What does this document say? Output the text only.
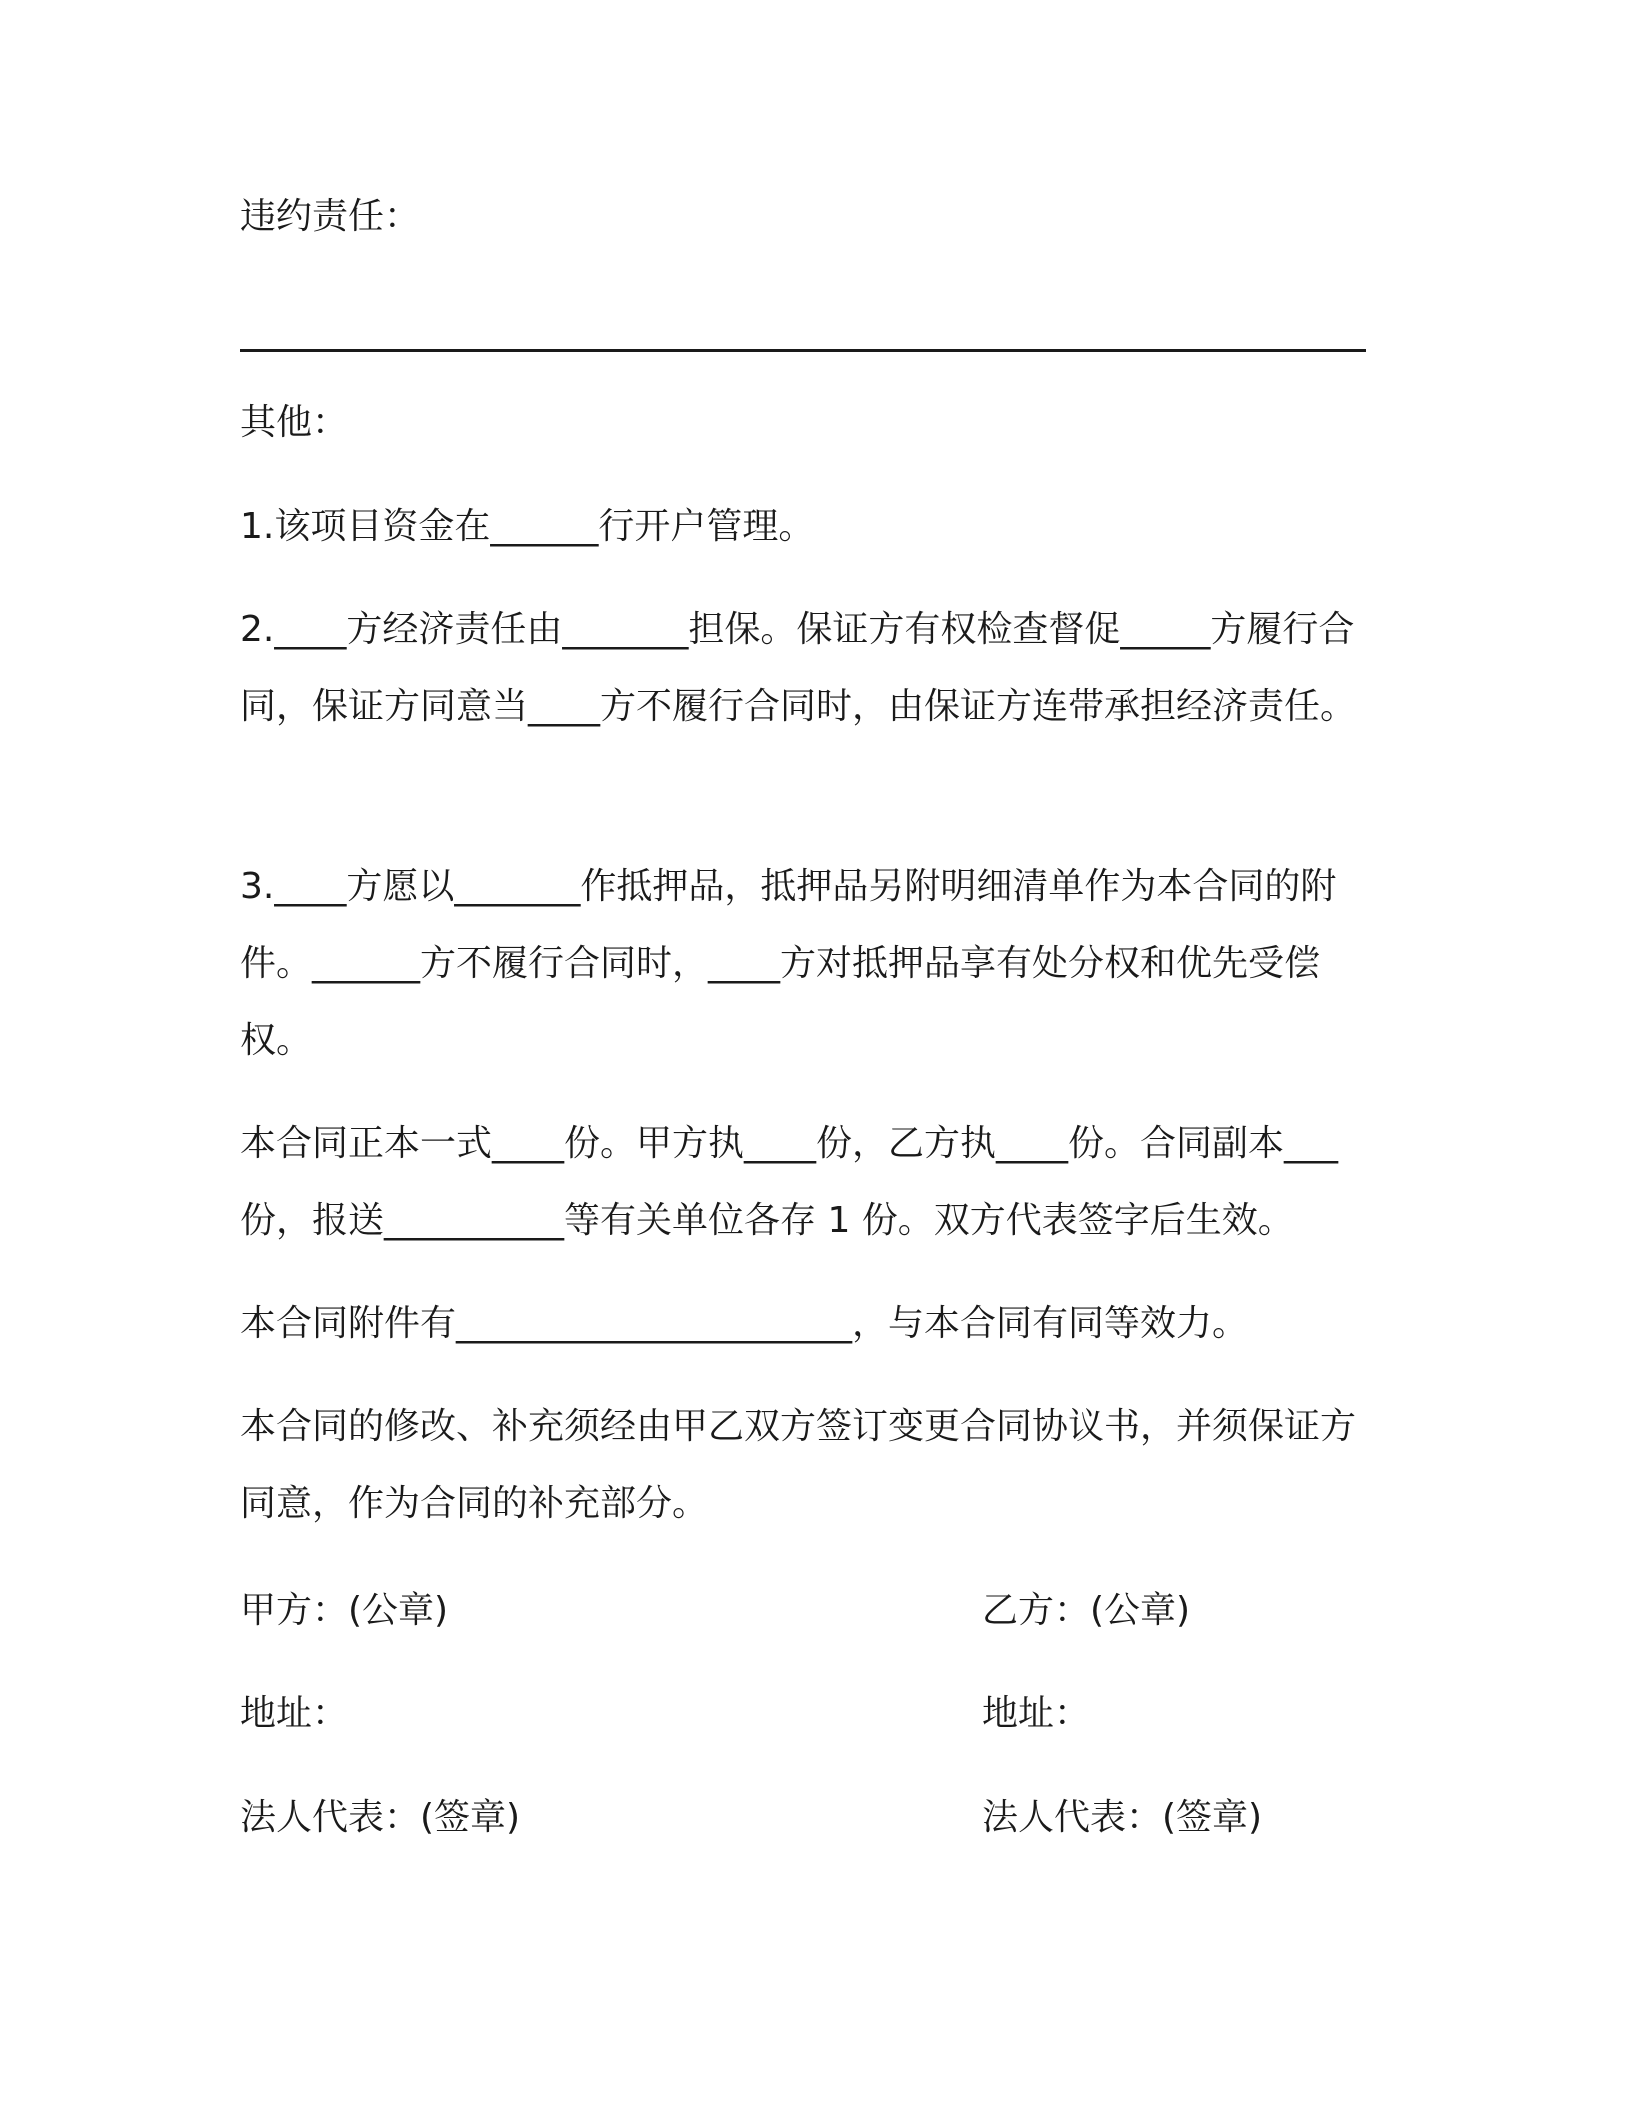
违约责任：

其他：

1.该项目资金在______行开户管理。

2.____方经济责任由_______担保。保证方有权检查督促_____方履行合同，保证方同意当____方不履行合同时，由保证方连带承担经济责任。

3.____方愿以_______作抵押品，抵押品另附明细清单作为本合同的附件。______方不履行合同时，____方对抵押品享有处分权和优先受偿权。

本合同正本一式____份。甲方执____份，乙方执____份。合同副本___份，报送__________等有关单位各存 1 份。双方代表签字后生效。

本合同附件有______________________，与本合同有同等效力。

本合同的修改、补充须经由甲乙双方签订变更合同协议书，并须保证方同意，作为合同的补充部分。

甲方：(公章)	乙方：(公章)
地址：	地址：
法人代表：(签章)	法人代表：(签章)
